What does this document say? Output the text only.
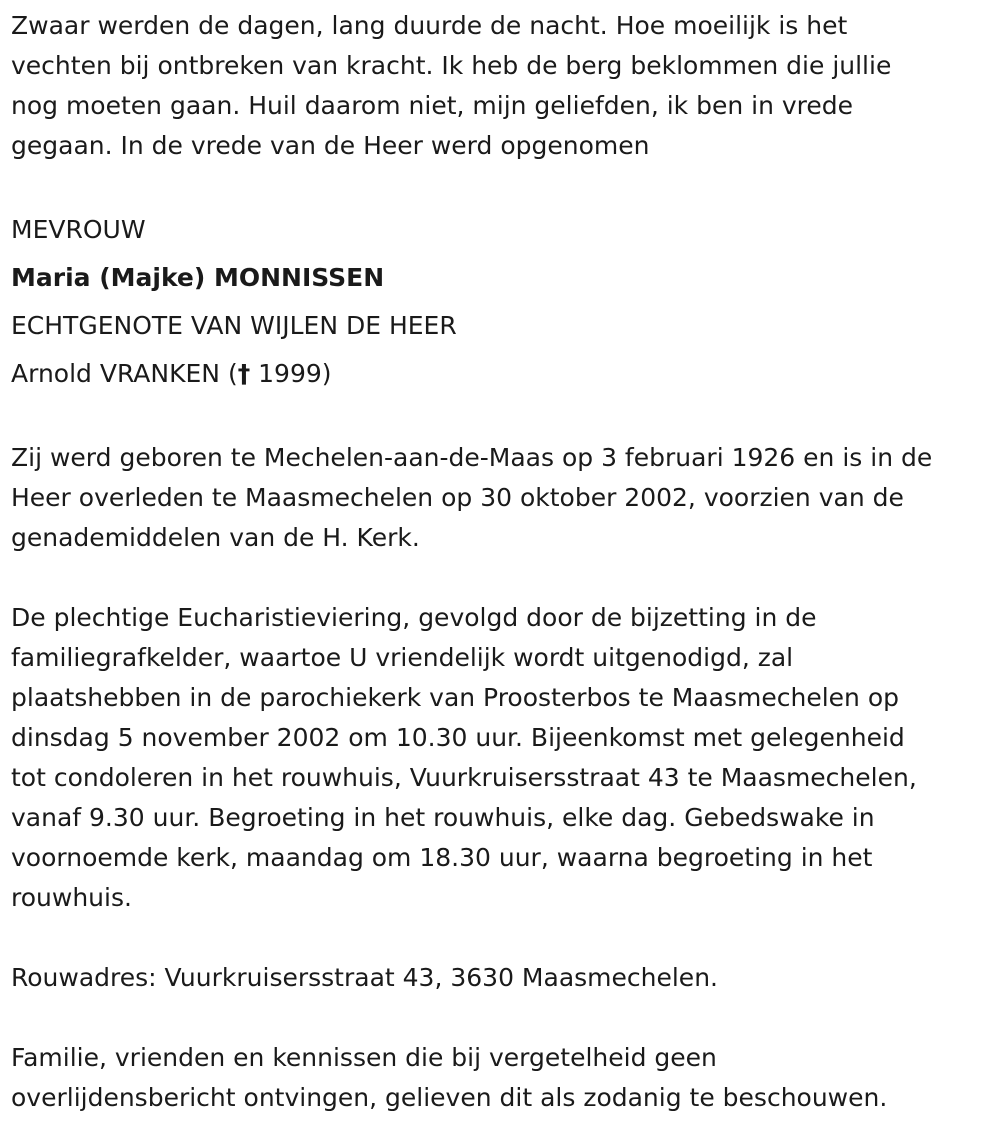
Zwaar werden de dagen, lang duurde de nacht. Hoe moeilijk is het
vechten bij ontbreken van kracht. Ik heb de berg beklommen die jullie
nog moeten gaan. Huil daarom niet, mijn geliefden, ik ben in vrede
gegaan. In de vrede van de Heer werd opgenomen

MEVROUW
Maria (Majke) MONNISSEN
ECHTGENOTE VAN WIJLEN DE HEER
Arnold VRANKEN († 1999)

Zij werd geboren te Mechelen-aan-de-Maas op 3 februari 1926 en is in de
Heer overleden te Maasmechelen op 30 oktober 2002, voorzien van de
genademiddelen van de H. Kerk.

De plechtige Eucharistieviering, gevolgd door de bijzetting in de
familiegrafkelder, waartoe U vriendelijk wordt uitgenodigd, zal
plaatshebben in de parochiekerk van Proosterbos te Maasmechelen op
dinsdag 5 november 2002 om 10.30 uur. Bijeenkomst met gelegenheid
tot condoleren in het rouwhuis, Vuurkruisersstraat 43 te Maasmechelen,
vanaf 9.30 uur. Begroeting in het rouwhuis, elke dag. Gebedswake in
voornoemde kerk, maandag om 18.30 uur, waarna begroeting in het
rouwhuis.

Rouwadres: Vuurkruisersstraat 43, 3630 Maasmechelen.

Familie, vrienden en kennissen die bij vergetelheid geen
overlijdensbericht ontvingen, gelieven dit als zodanig te beschouwen.
